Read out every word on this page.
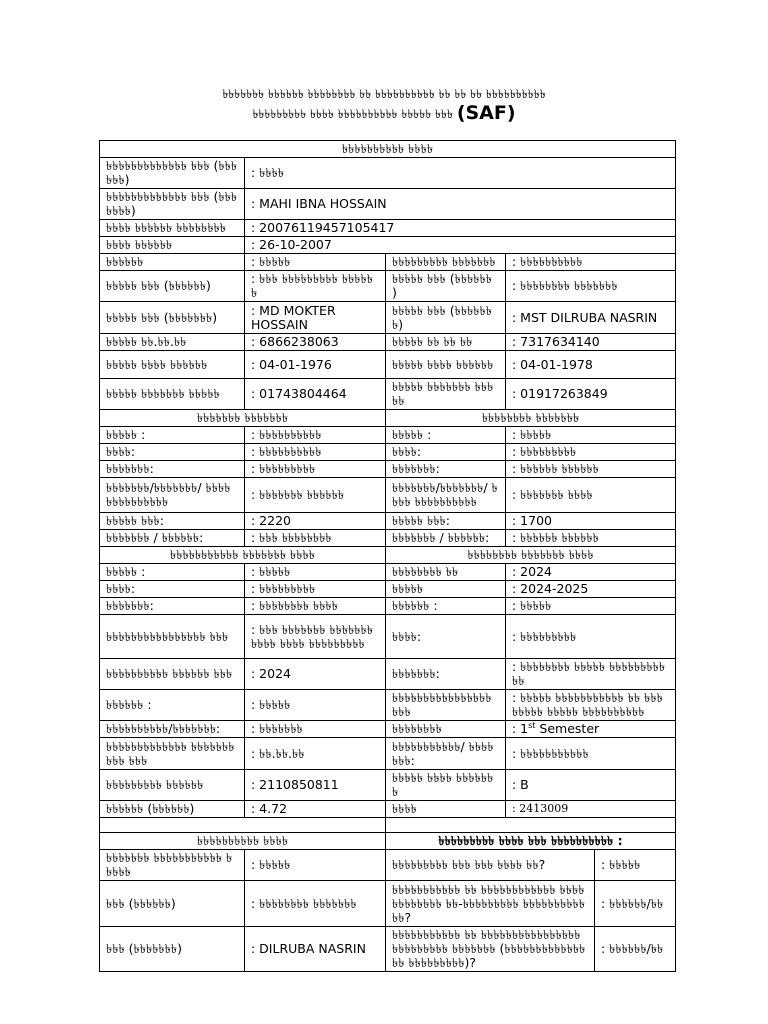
৳৳৳৳৳৳৳ ৳৳৳৳৳৳ ৳৳৳৳৳৳৳৳ ৳৳ ৳৳৳৳৳৳৳৳৳৳ ৳৳ ৳৳ ৳৳ ৳৳৳৳৳৳৳৳৳৳
৳৳৳৳৳৳৳৳৳ ৳৳৳৳ ৳৳৳৳৳৳৳৳৳৳ ৳৳৳৳৳ ৳৳৳ (SAF)
৳৳৳৳৳৳৳৳৳৳ ৳৳৳৳				
৳৳৳৳৳৳৳৳৳৳৳৳৳ ৳৳৳ (৳৳৳৳৳৳)	: ৳৳৳৳			
৳৳৳৳৳৳৳৳৳৳৳৳৳ ৳৳৳ (৳৳৳৳৳৳৳)	: MAHI IBNA HOSSAIN			
৳৳৳৳ ৳৳৳৳৳৳ ৳৳৳৳৳৳৳৳	: 20076119457105417			
৳৳৳৳ ৳৳৳৳৳৳	: 26-10-2007			
৳৳৳৳৳৳	: ৳৳৳৳৳	৳৳৳৳৳৳৳৳৳ ৳৳৳৳৳৳৳	: ৳৳৳৳৳৳৳৳৳৳	
৳৳৳৳৳ ৳৳৳ (৳৳৳৳৳৳)	: ৳৳৳ ৳৳৳৳৳৳৳৳৳ ৳৳৳৳৳৳	৳৳৳৳৳ ৳৳৳ (৳৳৳৳৳৳ )	: ৳৳৳৳৳৳৳৳ ৳৳৳৳৳৳৳	
৳৳৳৳৳ ৳৳৳ (৳৳৳৳৳৳৳)	: MD MOKTER HOSSAIN	৳৳৳৳৳ ৳৳৳ (৳৳৳৳৳৳৳)	: MST DILRUBA NASRIN	
৳৳৳৳৳ ৳৳.৳৳.৳৳	: 6866238063	৳৳৳৳৳ ৳৳ ৳৳ ৳৳	: 7317634140	
৳৳৳৳৳ ৳৳৳৳ ৳৳৳৳৳৳	: 04-01-1976	৳৳৳৳৳ ৳৳৳৳ ৳৳৳৳৳৳	: 04-01-1978	
৳৳৳৳৳ ৳৳৳৳৳৳৳ ৳৳৳৳৳	: 01743804464	৳৳৳৳৳ ৳৳৳৳৳৳৳ ৳৳৳৳৳	: 01917263849	
৳৳৳৳৳৳৳ ৳৳৳৳৳৳৳		৳৳৳৳৳৳৳৳ ৳৳৳৳৳৳৳		
৳৳৳৳৳ :	: ৳৳৳৳৳৳৳৳৳৳	৳৳৳৳৳ :	: ৳৳৳৳৳	
৳৳৳৳:	: ৳৳৳৳৳৳৳৳৳৳	৳৳৳৳:	: ৳৳৳৳৳৳৳৳৳	
৳৳৳৳৳৳৳:	: ৳৳৳৳৳৳৳৳৳	৳৳৳৳৳৳৳:	: ৳৳৳৳৳৳ ৳৳৳৳৳৳	
৳৳৳৳৳৳৳/৳৳৳৳৳৳৳/ ৳৳৳৳ ৳৳৳৳৳৳৳৳৳৳	: ৳৳৳৳৳৳৳ ৳৳৳৳৳৳	৳৳৳৳৳৳৳/৳৳৳৳৳৳৳/ ৳৳৳৳ ৳৳৳৳৳৳৳৳৳৳	: ৳৳৳৳৳৳৳ ৳৳৳৳	
৳৳৳৳৳ ৳৳৳:	: 2220	৳৳৳৳৳ ৳৳৳:	: 1700	
৳৳৳৳৳৳৳ / ৳৳৳৳৳৳:	: ৳৳৳ ৳৳৳৳৳৳৳৳	৳৳৳৳৳৳৳ / ৳৳৳৳৳৳:	: ৳৳৳৳৳৳ ৳৳৳৳৳৳	
৳৳৳৳৳৳৳৳৳৳৳ ৳৳৳৳৳৳৳ ৳৳৳৳		৳৳৳৳৳৳৳৳ ৳৳৳৳৳৳৳ ৳৳৳৳		
৳৳৳৳৳ :	: ৳৳৳৳৳	৳৳৳৳৳৳৳৳ ৳৳	: 2024	
৳৳৳৳:	: ৳৳৳৳৳৳৳৳৳	৳৳৳৳৳	: 2024-2025	
৳৳৳৳৳৳৳:	: ৳৳৳৳৳৳৳৳ ৳৳৳৳	৳৳৳৳৳৳ :	: ৳৳৳৳৳	
৳৳৳৳৳৳৳৳৳৳৳৳৳৳৳৳ ৳৳৳	: ৳৳৳ ৳৳৳৳৳৳৳ ৳৳৳৳৳৳৳৳৳৳৳ ৳৳৳৳ ৳৳৳৳৳৳৳৳৳	৳৳৳৳:	: ৳৳৳৳৳৳৳৳৳	
৳৳৳৳৳৳৳৳৳৳ ৳৳৳৳৳৳ ৳৳৳	: 2024	৳৳৳৳৳৳৳:	: ৳৳৳৳৳৳৳৳ ৳৳৳৳৳ ৳৳৳৳৳৳৳৳৳৳৳	
৳৳৳৳৳৳ :	: ৳৳৳৳৳	৳৳৳৳৳৳৳৳৳৳৳৳৳৳৳৳ ৳৳৳	: ৳৳৳৳৳ ৳৳৳৳৳৳৳৳৳৳৳ ৳৳ ৳৳৳৳৳৳৳৳ ৳৳৳৳৳ ৳৳৳৳৳৳৳৳৳৳	
৳৳৳৳৳৳৳৳৳৳/৳৳৳৳৳৳৳:	: ৳৳৳৳৳৳৳	৳৳৳৳৳৳৳৳	: 1st Semester	
৳৳৳৳৳৳৳৳৳৳৳৳৳ ৳৳৳৳৳৳৳৳৳৳ ৳৳৳	: ৳৳.৳৳.৳৳	৳৳৳৳৳৳৳৳৳৳৳/ ৳৳৳৳৳৳৳:	: ৳৳৳৳৳৳৳৳৳৳৳	
৳৳৳৳৳৳৳৳৳ ৳৳৳৳৳৳	: 2110850811	৳৳৳৳৳ ৳৳৳৳ ৳৳৳৳৳৳৳	: B	
৳৳৳৳৳৳ (৳৳৳৳৳৳)	: 4.72	৳৳৳৳	: 2413009	

৳৳৳৳৳৳৳৳৳৳ ৳৳৳৳		৳৳৳৳৳৳৳৳৳ ৳৳৳৳ ৳৳৳ ৳৳৳৳৳৳৳৳৳৳ :		
৳৳৳৳৳৳৳ ৳৳৳৳৳৳৳৳৳৳৳ ৳৳৳৳৳	: ৳৳৳৳৳	৳৳৳৳৳৳৳৳৳ ৳৳৳ ৳৳৳ ৳৳৳৳ ৳৳?		: ৳৳৳৳৳
৳৳৳ (৳৳৳৳৳৳)	: ৳৳৳৳৳৳৳৳ ৳৳৳৳৳৳৳	৳৳৳৳৳৳৳৳৳৳৳ ৳৳ ৳৳৳৳৳৳৳৳৳৳৳৳ ৳৳৳৳ ৳৳৳৳৳৳৳৳ ৳৳-৳৳৳৳৳৳৳৳৳ ৳৳৳৳৳৳৳৳৳৳৳৳?		: ৳৳৳৳৳৳/৳৳
৳৳৳ (৳৳৳৳৳৳৳)	: DILRUBA NASRIN	৳৳৳৳৳৳৳৳৳৳৳ ৳৳ ৳৳৳৳৳৳৳৳৳৳৳৳৳৳৳৳ ৳৳৳৳৳৳৳৳৳ ৳৳৳৳৳৳৳ (৳৳৳৳৳৳৳৳৳৳৳৳৳৳৳ ৳৳৳৳৳৳৳৳৳)?		: ৳৳৳৳৳৳/৳৳
